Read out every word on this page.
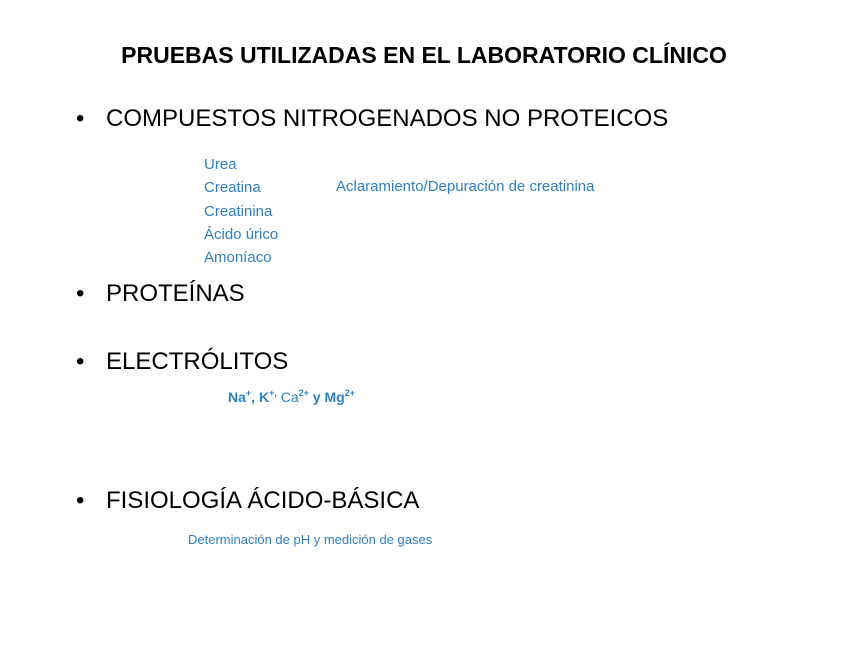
PRUEBAS UTILIZADAS EN EL LABORATORIO CLÍNICO
• COMPUESTOS NITROGENADOS NO PROTEICOS
Urea
Creatina
Creatinina
Ácido úrico
Amoníaco
Aclaramiento/Depuración de creatinina
• PROTEÍNAS
• ELECTRÓLITOS
Na+, K+, $Ca^{2+}$ y $Mg^{2+}$
• FISIOLOGÍA ÁCIDO-BÁSICA
Determinación de pH y medición de gases
